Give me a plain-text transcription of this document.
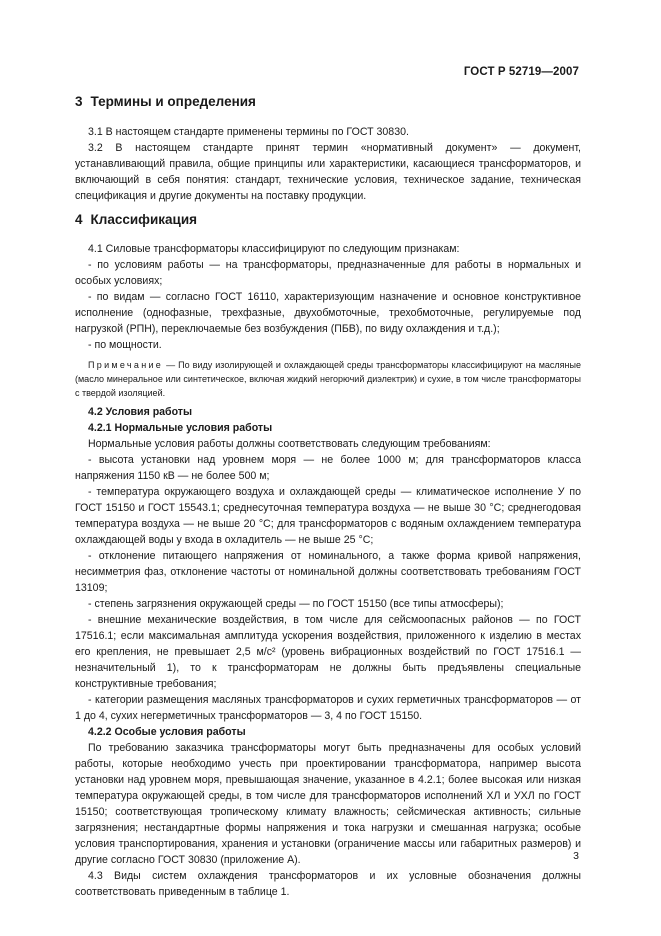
ГОСТ Р 52719—2007
3 Термины и определения

3.1 В настоящем стандарте применены термины по ГОСТ 30830.

3.2 В настоящем стандарте принят термин «нормативный документ» — документ, устанавливающий правила, общие принципы или характеристики, касающиеся трансформаторов, и включающий в себя понятия: стандарт, технические условия, техническое задание, техническая спецификация и другие документы на поставку продукции.

4 Классификация

4.1 Силовые трансформаторы классифицируют по следующим признакам:

- по условиям работы — на трансформаторы, предназначенные для работы в нормальных и особых условиях;

- по видам — согласно ГОСТ 16110, характеризующим назначение и основное конструктивное исполнение (однофазные, трехфазные, двухобмоточные, трехобмоточные, регулируемые под нагрузкой (РПН), переключаемые без возбуждения (ПБВ), по виду охлаждения и т.д.);

- по мощности.

Примечание — По виду изолирующей и охлаждающей среды трансформаторы классифицируют на масляные (масло минеральное или синтетическое, включая жидкий негорючий диэлектрик) и сухие, в том числе трансформаторы с твердой изоляцией.

4.2 Условия работы

4.2.1 Нормальные условия работы

Нормальные условия работы должны соответствовать следующим требованиям:

- высота установки над уровнем моря — не более 1000 м; для трансформаторов класса напряжения 1150 кВ — не более 500 м;

- температура окружающего воздуха и охлаждающей среды — климатическое исполнение У по ГОСТ 15150 и ГОСТ 15543.1; среднесуточная температура воздуха — не выше 30 °С; среднегодовая температура воздуха — не выше 20 °С; для трансформаторов с водяным охлаждением температура охлаждающей воды у входа в охладитель — не выше 25 °С;

- отклонение питающего напряжения от номинального, а также форма кривой напряжения, несимметрия фаз, отклонение частоты от номинальной должны соответствовать требованиям ГОСТ 13109;

- степень загрязнения окружающей среды — по ГОСТ 15150 (все типы атмосферы);

- внешние механические воздействия, в том числе для сейсмоопасных районов — по ГОСТ 17516.1; если максимальная амплитуда ускорения воздействия, приложенного к изделию в местах его крепления, не превышает 2,5 м/с² (уровень вибрационных воздействий по ГОСТ 17516.1 — незначительный 1), то к трансформаторам не должны быть предъявлены специальные конструктивные требования;

- категории размещения масляных трансформаторов и сухих герметичных трансформаторов — от 1 до 4, сухих негерметичных трансформаторов — 3, 4 по ГОСТ 15150.

4.2.2 Особые условия работы

По требованию заказчика трансформаторы могут быть предназначены для особых условий работы, которые необходимо учесть при проектировании трансформатора, например высота установки над уровнем моря, превышающая значение, указанное в 4.2.1; более высокая или низкая температура окружающей среды, в том числе для трансформаторов исполнений ХЛ и УХЛ по ГОСТ 15150; соответствующая тропическому климату влажность; сейсмическая активность; сильные загрязнения; нестандартные формы напряжения и тока нагрузки и смешанная нагрузка; особые условия транспортирования, хранения и установки (ограничение массы или габаритных размеров) и другие согласно ГОСТ 30830 (приложение А).

4.3 Виды систем охлаждения трансформаторов и их условные обозначения должны соответствовать приведенным в таблице 1.

3
